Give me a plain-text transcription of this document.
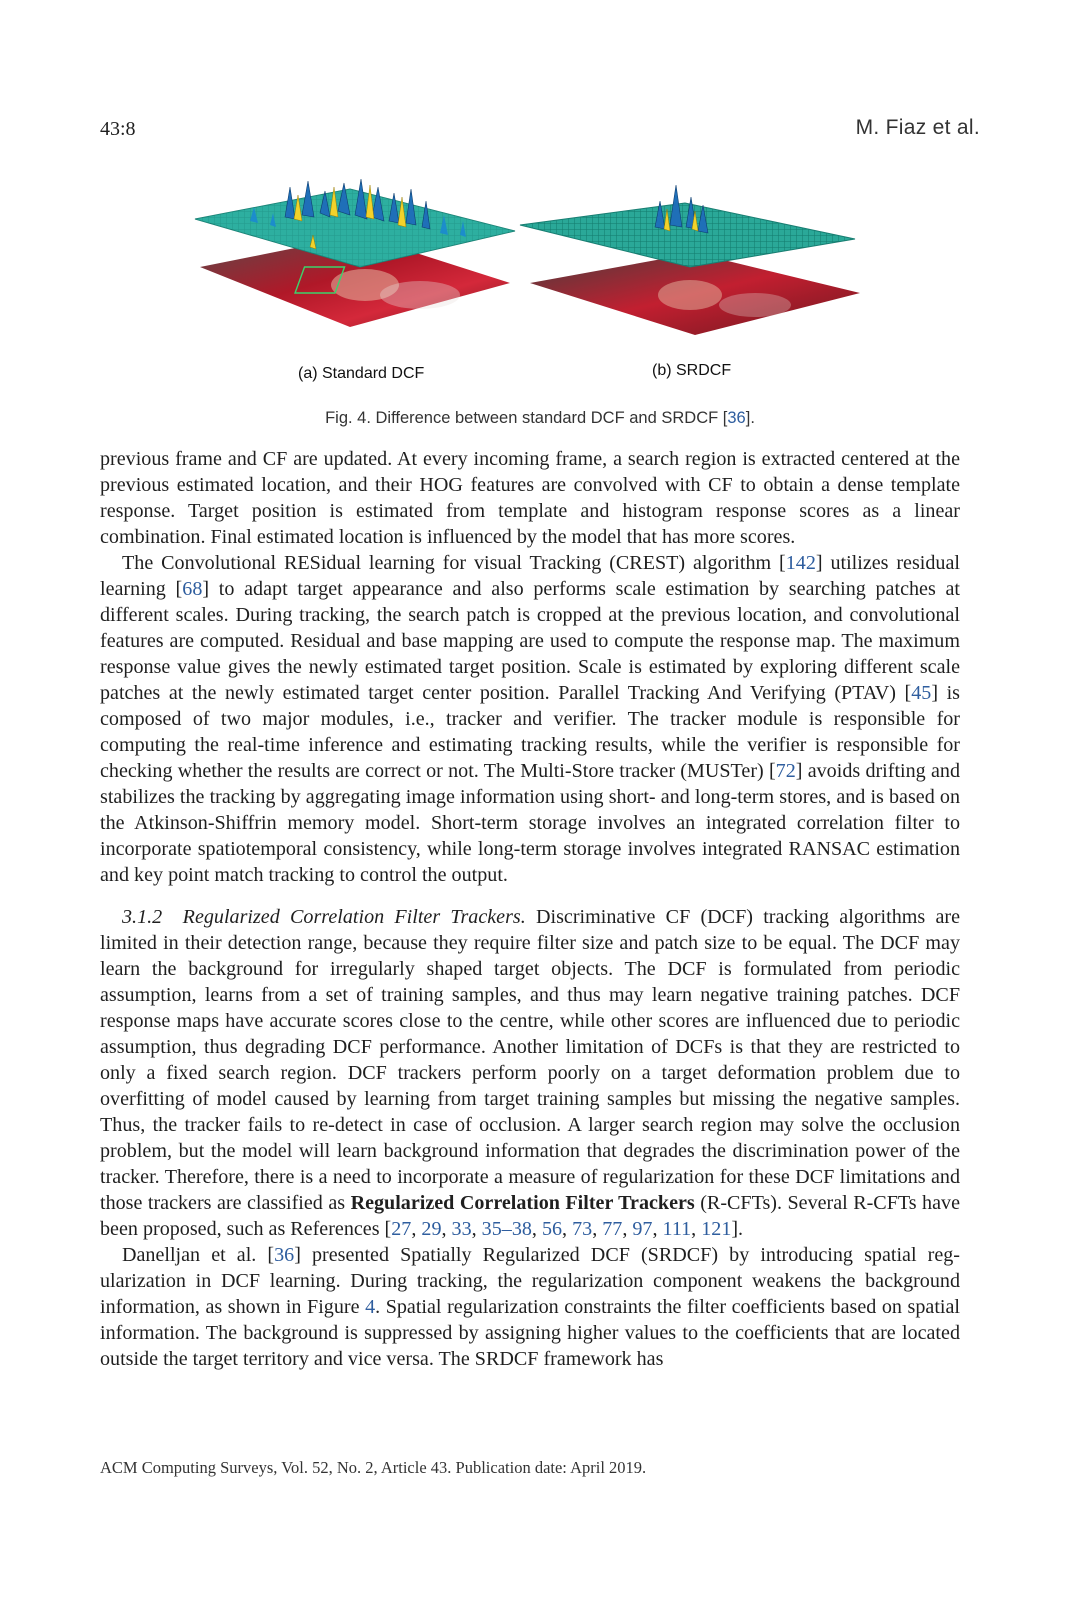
43:8	M. Fiaz et al.
(a) Standard DCF	(b) SRDCF
Fig. 4. Difference between standard DCF and SRDCF [36].

previous frame and CF are updated. At every incoming frame, a search region is extracted centered at the previous estimated location, and their HOG features are convolved with CF to obtain a dense template response. Target position is estimated from template and histogram response scores as a linear combination. Final estimated location is influenced by the model that has more scores.

The Convolutional RESidual learning for visual Tracking (CREST) algorithm [142] utilizes residual learning [68] to adapt target appearance and also performs scale estimation by searching patches at different scales. During tracking, the search patch is cropped at the previous location, and convolutional features are computed. Residual and base mapping are used to compute the response map. The maximum response value gives the newly estimated target position. Scale is estimated by exploring different scale patches at the newly estimated target center position. Parallel Tracking And Verifying (PTAV) [45] is composed of two major modules, i.e., tracker and verifier. The tracker module is responsible for computing the real-time inference and estimating tracking results, while the verifier is responsible for checking whether the results are correct or not. The Multi-Store tracker (MUSTer) [72] avoids drifting and stabilizes the tracking by aggregating image information using short- and long-term stores, and is based on the Atkinson-Shiffrin memory model. Short-term storage involves an integrated correlation filter to incorporate spatiotemporal consistency, while long-term storage involves integrated RANSAC estimation and key point match tracking to control the output.

3.1.2 Regularized Correlation Filter Trackers. Discriminative CF (DCF) tracking algorithms are limited in their detection range, because they require filter size and patch size to be equal. The DCF may learn the background for irregularly shaped target objects. The DCF is formulated from periodic assumption, learns from a set of training samples, and thus may learn negative training patches. DCF response maps have accurate scores close to the centre, while other scores are influenced due to periodic assumption, thus degrading DCF performance. Another limitation of DCFs is that they are restricted to only a fixed search region. DCF trackers perform poorly on a target deformation problem due to overfitting of model caused by learning from target training samples but missing the negative samples. Thus, the tracker fails to re-detect in case of occlusion. A larger search region may solve the occlusion problem, but the model will learn background information that degrades the discrimination power of the tracker. Therefore, there is a need to incorporate a measure of regularization for these DCF limitations and those trackers are classified as Regularized Correlation Filter Trackers (R-CFTs). Several R-CFTs have been proposed, such as References [27, 29, 33, 35–38, 56, 73, 77, 97, 111, 121].

Danelljan et al. [36] presented Spatially Regularized DCF (SRDCF) by introducing spatial regularization in DCF learning. During tracking, the regularization component weakens the background information, as shown in Figure 4. Spatial regularization constraints the filter coefficients based on spatial information. The background is suppressed by assigning higher values to the coefficients that are located outside the target territory and vice versa. The SRDCF framework has

ACM Computing Surveys, Vol. 52, No. 2, Article 43. Publication date: April 2019.
